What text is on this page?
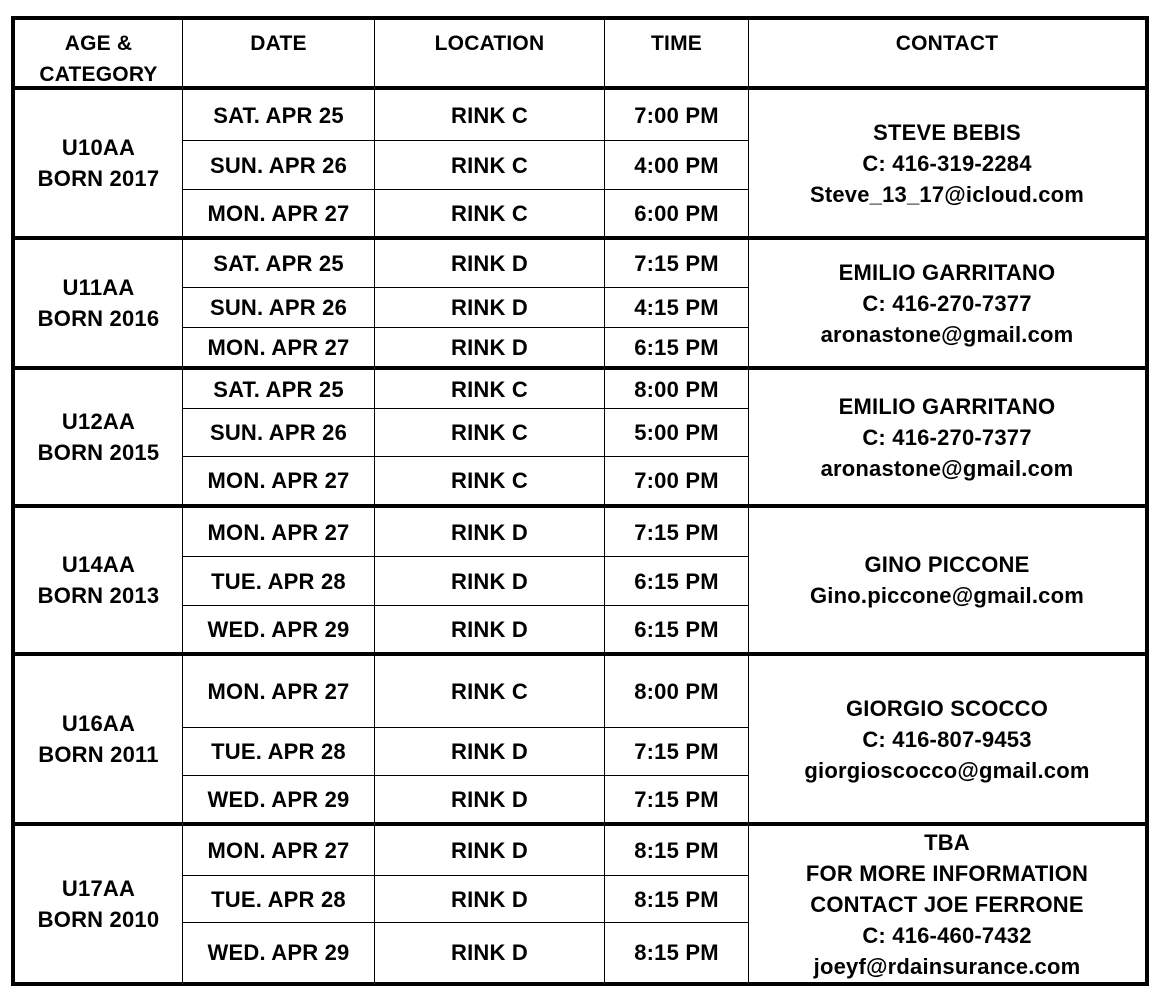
AGE &
CATEGORY
DATE	LOCATION	TIME	CONTACT
U10AA
BORN 2017
SAT. APR 25	RINK C	7:00 PM
SUN. APR 26	RINK C	4:00 PM
MON. APR 27	RINK C	6:00 PM
STEVE BEBIS
C: 416-319-2284
Steve_13_17@icloud.com
U11AA
BORN 2016
SAT. APR 25	RINK D	7:15 PM
SUN. APR 26	RINK D	4:15 PM
MON. APR 27	RINK D	6:15 PM
EMILIO GARRITANO
C: 416-270-7377
aronastone@gmail.com
U12AA
BORN 2015
SAT. APR 25	RINK C	8:00 PM
SUN. APR 26	RINK C	5:00 PM
MON. APR 27	RINK C	7:00 PM
EMILIO GARRITANO
C: 416-270-7377
aronastone@gmail.com
U14AA
BORN 2013
MON. APR 27	RINK D	7:15 PM
TUE. APR 28	RINK D	6:15 PM
WED. APR 29	RINK D	6:15 PM
GINO PICCONE
Gino.piccone@gmail.com
U16AA
BORN 2011
MON. APR 27	RINK C	8:00 PM
TUE. APR 28	RINK D	7:15 PM
WED. APR 29	RINK D	7:15 PM
GIORGIO SCOCCO
C: 416-807-9453
giorgioscocco@gmail.com
U17AA
BORN 2010
MON. APR 27	RINK D	8:15 PM
TUE. APR 28	RINK D	8:15 PM
WED. APR 29	RINK D	8:15 PM
TBA
FOR MORE INFORMATION
CONTACT JOE FERRONE
C: 416-460-7432
joeyf@rdainsurance.com
